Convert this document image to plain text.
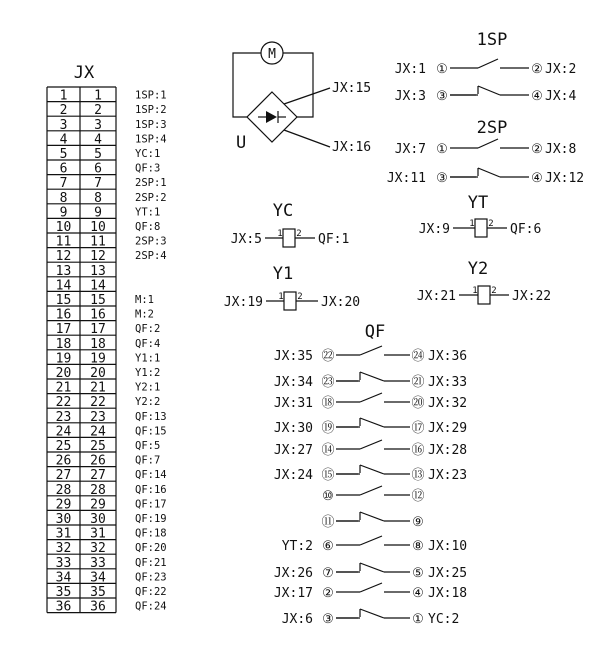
JX
1 1	1SP:1
2 2	1SP:2
3 3	1SP:3
4 4	1SP:4
5 5	YC:1
6 6	QF:3
7 7	2SP:1
8 8	2SP:2
9 9	YT:1
10 10	QF:8
11 11	2SP:3
12 12	2SP:4
13 13
14 14
15 15	M:1
16 16	M:2
17 17	QF:2
18 18	QF:4
19 19	Y1:1
20 20	Y1:2
21 21	Y2:1
22 22	Y2:2
23 23	QF:13
24 24	QF:15
25 25	QF:5
26 26	QF:7
27 27	QF:14
28 28	QF:16
29 29	QF:17
30 30	QF:19
31 31	QF:18
32 32	QF:20
33 33	QF:21
34 34	QF:23
35 35	QF:22
36 36	QF:24
M
JX:15
JX:16
U
1SP
JX:1 ①	② JX:2
JX:3 ③	④ JX:4
2SP
JX:7 ①	② JX:8
JX:11 ③	④ JX:12
YC
JX:5	QF:1
1 2
YT
JX:9	QF:6
1 2
Y1
JX:19	JX:20
1 2
Y2
JX:21	JX:22
1 2
QF
JX:35 ㉒	㉔ JX:36
JX:34 ㉓	㉑ JX:33
JX:31 ⑱	⑳ JX:32
JX:30 ⑲	⑰ JX:29
JX:27 ⑭	⑯ JX:28
JX:24 ⑮	⑬ JX:23
⑩	⑫
⑪	⑨
YT:2 ⑥	⑧ JX:10
JX:26 ⑦	⑤ JX:25
JX:17 ②	④ JX:18
JX:6 ③	① YC:2
